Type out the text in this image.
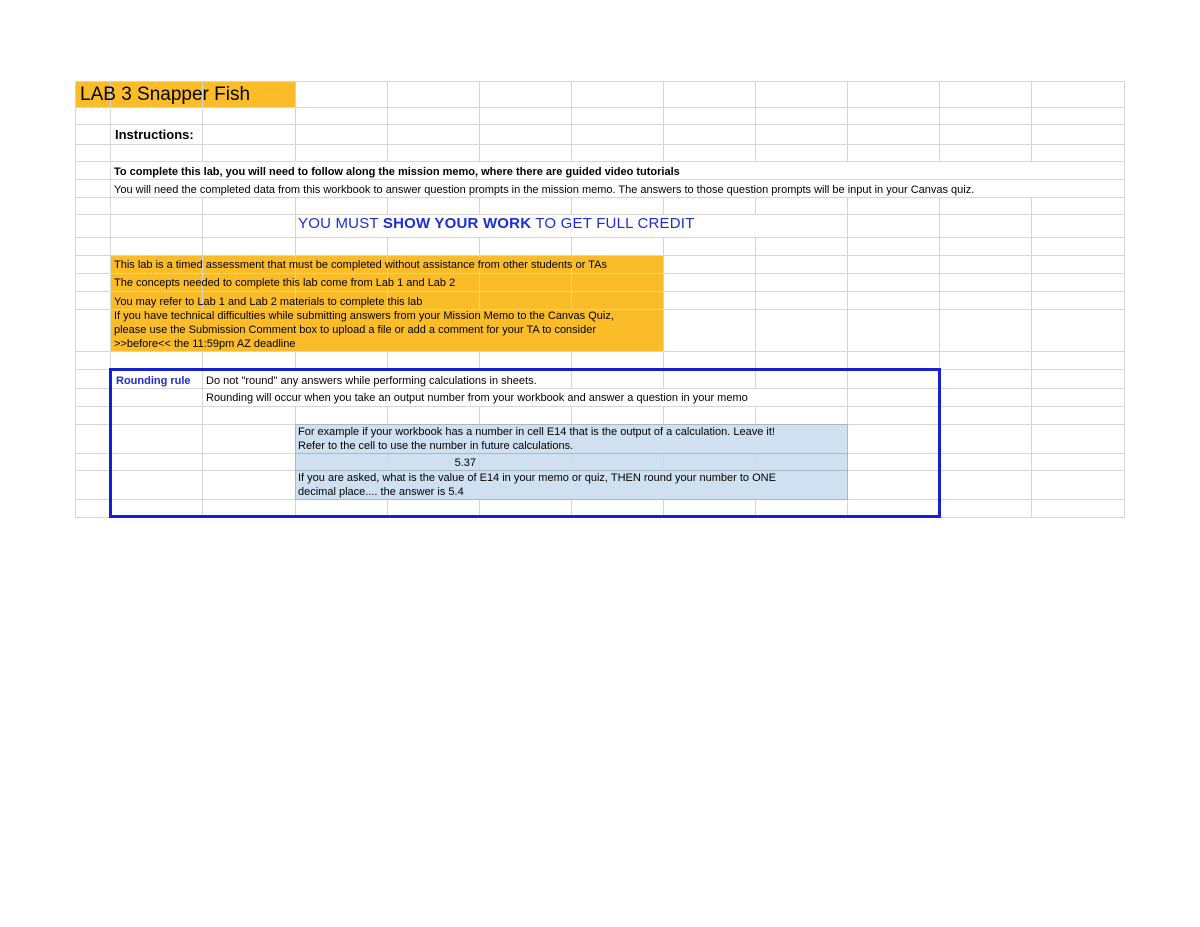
LAB 3 Snapper Fish
Instructions:
To complete this lab, you will need to follow along the mission memo, where there are guided video tutorials
You will need the completed data from this workbook to answer question prompts in the mission memo. The answers to those question prompts will be input in your Canvas quiz.
YOU MUST SHOW YOUR WORK TO GET FULL CREDIT
This lab is a timed assessment that must be completed without assistance from other students or TAs
The concepts needed to complete this lab come from Lab 1 and Lab 2
You may refer to Lab 1 and Lab 2 materials to complete this lab
If you have technical difficulties while submitting answers from your Mission Memo to the Canvas Quiz,
please use the Submission Comment box to upload a file or add a comment for your TA to consider
>>before<< the 11:59pm AZ deadline
Rounding rule Do not "round" any answers while performing calculations in sheets.
Rounding will occur when you take an output number from your workbook and answer a question in your memo
For example if your workbook has a number in cell E14 that is the output of a calculation. Leave it!
Refer to the cell to use the number in future calculations.
5.37
If you are asked, what is the value of E14 in your memo or quiz, THEN round your number to ONE
decimal place.... the answer is 5.4
